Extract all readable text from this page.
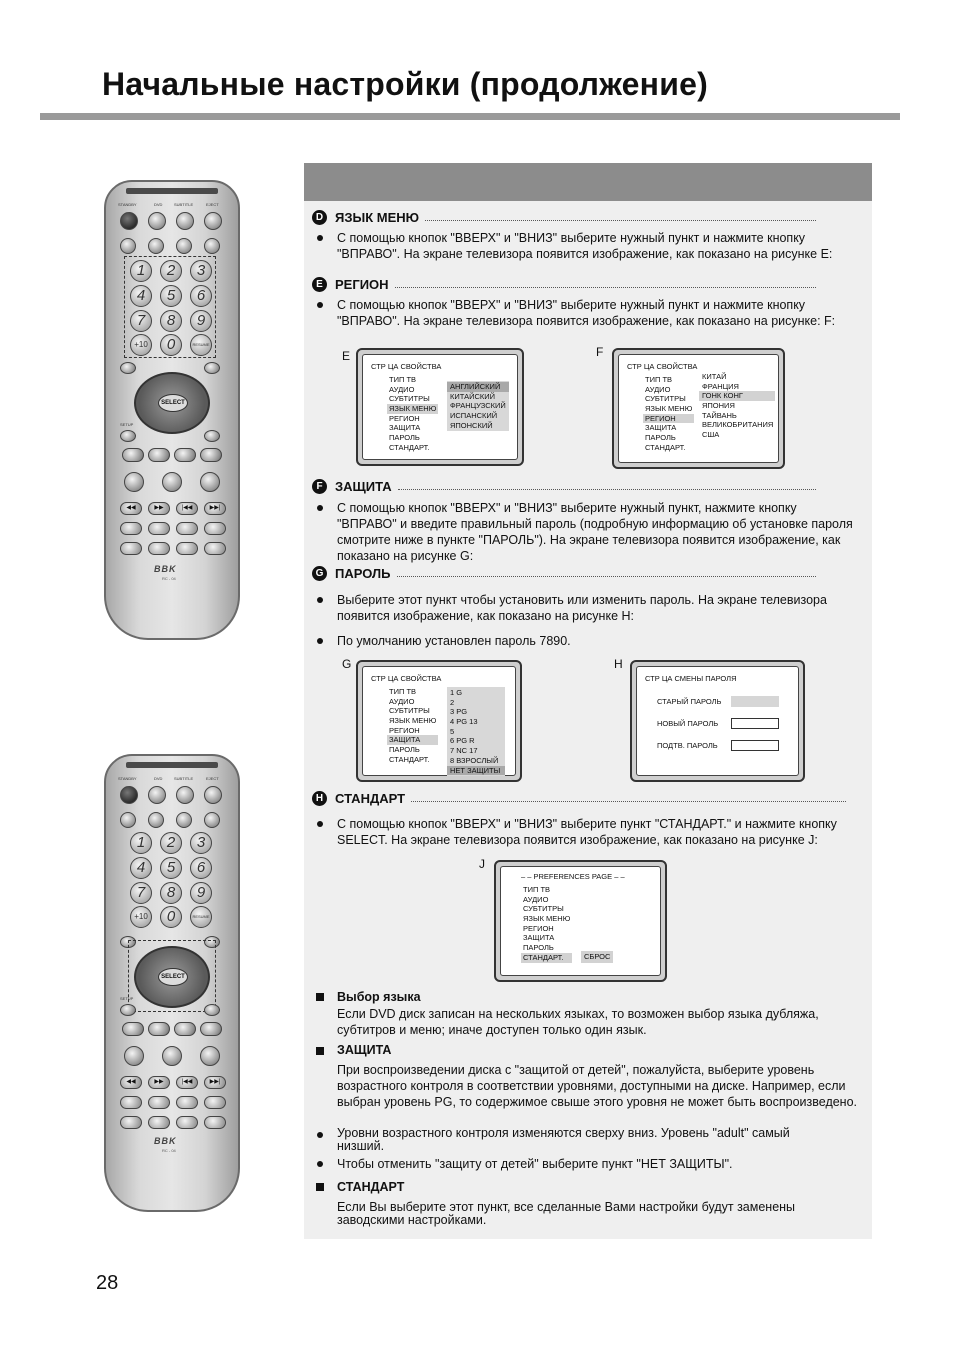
Начальные настройки (продолжение)
STANDBY	DVD	SUBTITLE	EJECT
1	2	3
4	5	6
7	8	9
+10	0	RESUME
SELECT
SETUP
◀◀	▶▶	|◀◀	▶▶|
BBK
RC - 04
STANDBY	DVD	SUBTITLE	EJECT
1	2	3
4	5	6
7	8	9
+10	0	RESUME
SELECT
SETUP
◀◀	▶▶	|◀◀	▶▶|
BBK
RC - 04
D ЯЗЫК МЕНЮ
С помощью кнопок "ВВЕРХ" и "ВНИЗ" выберите нужный пункт и нажмите кнопку "ВПРАВО". На экране телевизора появится изображение, как показано на рисунке E:
E РЕГИОН
С помощью кнопок "ВВЕРХ" и "ВНИЗ" выберите нужный пункт и нажмите кнопку "ВПРАВО". На экране телевизора появится изображение, как показано на рисунке: F:
E
СТР ЦА СВОЙСТВА
ТИП ТВ
АУДИО
СУБТИТРЫ
ЯЗЫК МЕНЮ
РЕГИОН
ЗАЩИТА
ПАРОЛЬ
СТАНДАРТ.
АНГЛИЙСКИЙ
КИТАЙСКИЙ
ФРАНЦУЗСКИЙ
ИСПАНСКИЙ
ЯПОНСКИЙ
F
СТР ЦА СВОЙСТВА
ТИП ТВ
АУДИО
СУБТИТРЫ
ЯЗЫК МЕНЮ
РЕГИОН
ЗАЩИТА
ПАРОЛЬ
СТАНДАРТ.
КИТАЙ
ФРАНЦИЯ
ГОНК КОНГ
ЯПОНИЯ
ТАЙВАНЬ
ВЕЛИКОБРИТАНИЯ
США
F ЗАЩИТА
С помощью кнопок "ВВЕРХ" и "ВНИЗ" выберите нужный пункт, нажмите кнопку "ВПРАВО" и введите правильный пароль (подробную информацию об установке пароля смотрите ниже в пункте "ПАРОЛЬ"). На экране телевизора появится изображение, как показано на рисунке G:
G ПАРОЛЬ
Выберите этот пункт чтобы установить или изменить пароль. На экране телевизора появится изображение, как показано на рисунке H:
По умолчанию установлен пароль 7890.
G
СТР ЦА СВОЙСТВА
ТИП ТВ
АУДИО
СУБТИТРЫ
ЯЗЫК МЕНЮ
РЕГИОН
ЗАЩИТА
ПАРОЛЬ
СТАНДАРТ.
1 G
2
3 PG
4 PG 13
5
6 PG R
7 NC 17
8 ВЗРОСЛЫЙ
НЕТ ЗАЩИТЫ
H
СТР ЦА СМЕНЫ ПАРОЛЯ
СТАРЫЙ ПАРОЛЬ
НОВЫЙ ПАРОЛЬ
ПОДТВ. ПАРОЛЬ
H СТАНДАРТ
С помощью кнопок "ВВЕРХ" и "ВНИЗ" выберите пункт "СТАНДАРТ." и нажмите кнопку SELECT. На экране телевизора появится изображение, как показано на рисунке J:
J
– – PREFERENCES PAGE – –
ТИП ТВ
АУДИО
СУБТИТРЫ
ЯЗЫК МЕНЮ
РЕГИОН
ЗАЩИТА
ПАРОЛЬ
СТАНДАРТ.	СБРОС
Выбор языка
Если DVD диск записан на нескольких языках, то возможен выбор языка дубляжа, субтитров и меню; иначе доступен только один язык.
ЗАЩИТА
При воспроизведении диска с "защитой от детей", пожалуйста, выберите уровень возрастного контроля в соответствии уровнями, доступными на диске. Например, если выбран уровень PG, то содержимое свыше этого уровня не может быть воспроизведено.
Уровни возрастного контроля изменяются сверху вниз. Уровень "adult" самый низший.
Чтобы отменить "защиту от детей" выберите пункт "НЕТ ЗАЩИТЫ".
СТАНДАРТ
Если Вы выберите этот пункт, все сделанные Вами настройки будут заменены заводскими настройками.
28
